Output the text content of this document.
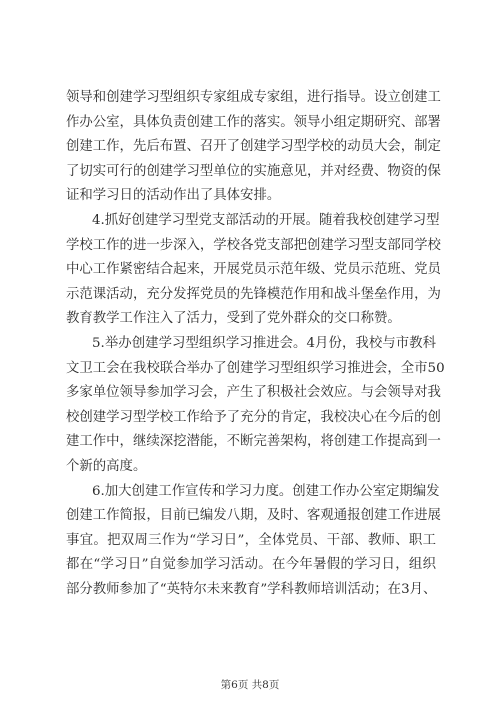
领导和创建学习型组织专家组成专家组，进行指导。设立创建工
作办公室，具体负责创建工作的落实。领导小组定期研究、部署
创建工作，先后布置、召开了创建学习型学校的动员大会，制定
了切实可行的创建学习型单位的实施意见，并对经费、物资的保
证和学习日的活动作出了具体安排。
4.抓好创建学习型党支部活动的开展。随着我校创建学习型
学校工作的进一步深入，学校各党支部把创建学习型支部同学校
中心工作紧密结合起来，开展党员示范年级、党员示范班、党员
示范课活动，充分发挥党员的先锋模范作用和战斗堡垒作用，为
教育教学工作注入了活力，受到了党外群众的交口称赞。
5.举办创建学习型组织学习推进会。4月份，我校与市教科
文卫工会在我校联合举办了创建学习型组织学习推进会，全市50
多家单位领导参加学习会，产生了积极社会效应。与会领导对我
校创建学习型学校工作给予了充分的肯定，我校决心在今后的创
建工作中，继续深挖潜能，不断完善架构，将创建工作提高到一
个新的高度。
6.加大创建工作宣传和学习力度。创建工作办公室定期编发
创建工作简报，目前已编发八期，及时、客观通报创建工作进展
事宜。把双周三作为“学习日”，全体党员、干部、教师、职工
都在“学习日”自觉参加学习活动。在今年暑假的学习日，组织
部分教师参加了“英特尔未来教育”学科教师培训活动；在3月、
第6页 共8页
